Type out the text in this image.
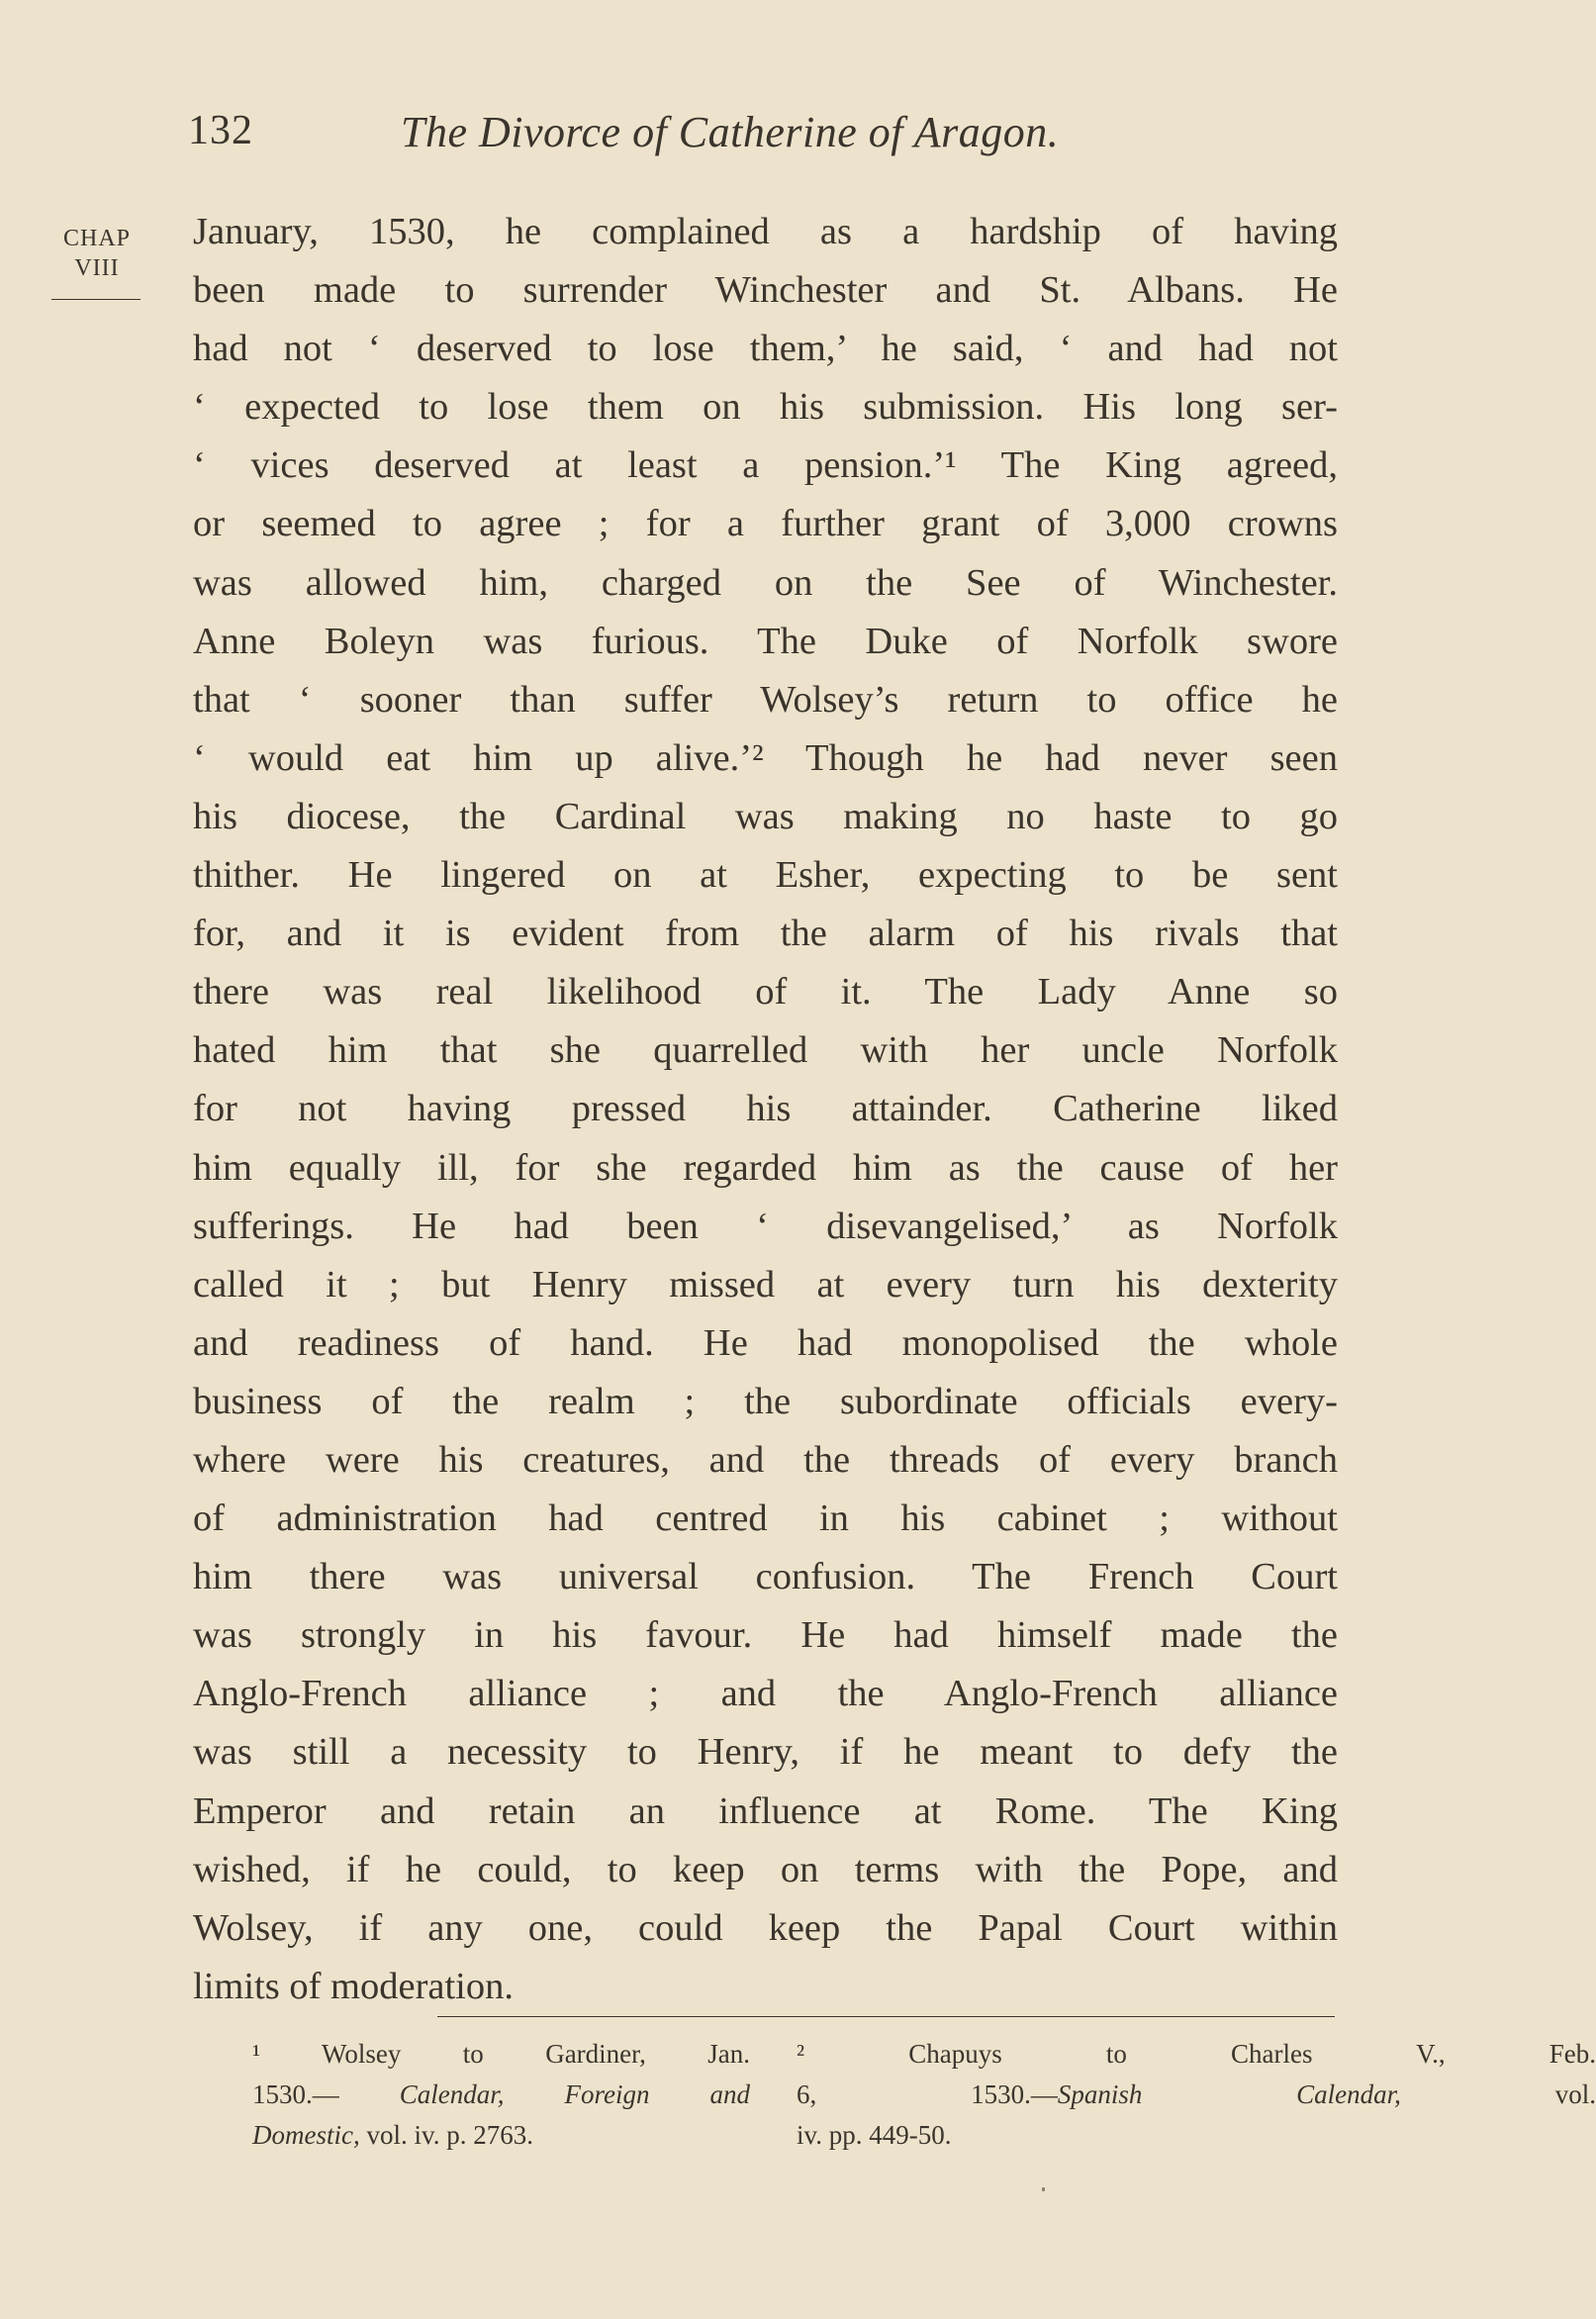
132	The Divorce of Catherine of Aragon.
CHAP
VIII
January, 1530, he complained as a hardship of having
been made to surrender Winchester and St. Albans. He
had not ‘ deserved to lose them,’ he said, ‘ and had not
‘ expected to lose them on his submission. His long ser-
‘ vices deserved at least a pension.’¹ The King agreed,
or seemed to agree ; for a further grant of 3,000 crowns
was allowed him, charged on the See of Winchester.
Anne Boleyn was furious. The Duke of Norfolk swore
that ‘ sooner than suffer Wolsey’s return to office he
‘ would eat him up alive.’² Though he had never seen
his diocese, the Cardinal was making no haste to go
thither. He lingered on at Esher, expecting to be sent
for, and it is evident from the alarm of his rivals that
there was real likelihood of it. The Lady Anne so
hated him that she quarrelled with her uncle Norfolk
for not having pressed his attainder. Catherine liked
him equally ill, for she regarded him as the cause of her
sufferings. He had been ‘ disevangelised,’ as Norfolk
called it ; but Henry missed at every turn his dexterity
and readiness of hand. He had monopolised the whole
business of the realm ; the subordinate officials every-
where were his creatures, and the threads of every branch
of administration had centred in his cabinet ; without
him there was universal confusion. The French Court
was strongly in his favour. He had himself made the
Anglo-French alliance ; and the Anglo-French alliance
was still a necessity to Henry, if he meant to defy the
Emperor and retain an influence at Rome. The King
wished, if he could, to keep on terms with the Pope, and
Wolsey, if any one, could keep the Papal Court within
limits of moderation.
¹ Wolsey to Gardiner, Jan.
1530.— Calendar, Foreign and
Domestic, vol. iv. p. 2763.
² Chapuys to Charles V., Feb.
6, 1530.—Spanish Calendar, vol.
iv. pp. 449-50.
